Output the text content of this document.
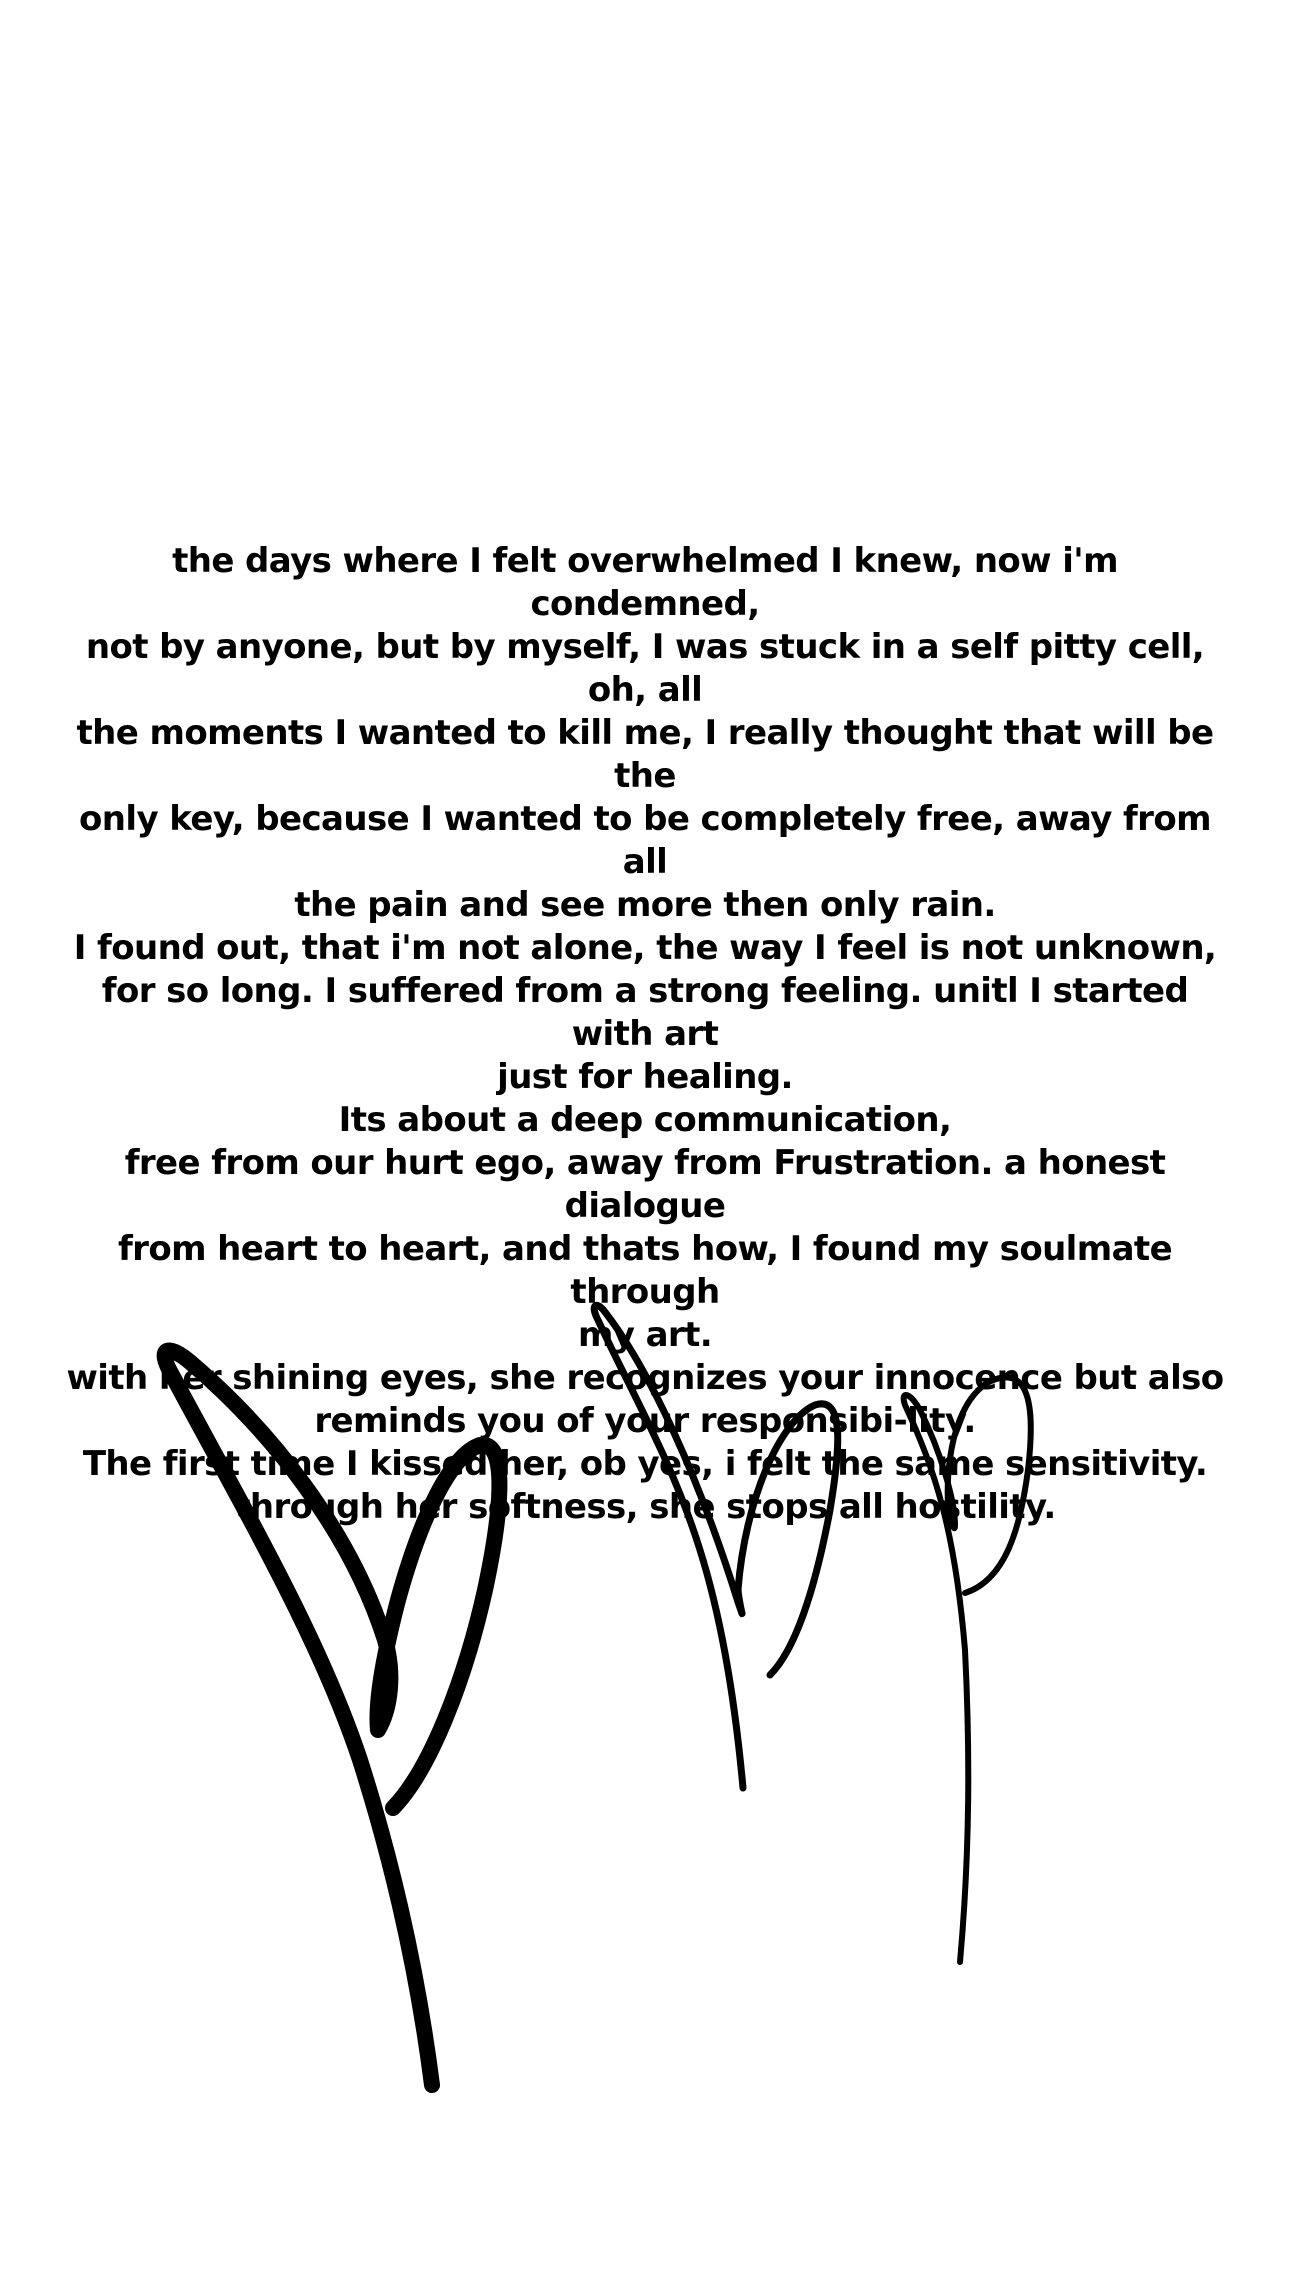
the days where I felt overwhelmed I knew, now i'm condemned,
not by anyone, but by myself, I was stuck in a self pitty cell, oh, all
the moments I wanted to kill me, I really thought that will be the
only key, because I wanted to be completely free, away from all
the pain and see more then only rain.
I found out, that i'm not alone, the way I feel is not unknown,
for so long. I suffered from a strong feeling. unitl I started with art
just for healing.
Its about a deep communication,
free from our hurt ego, away from Frustration. a honest dialogue
from heart to heart, and thats how, I found my soulmate through
my art.
with her shining eyes, she recognizes your innocence but also
reminds you of your responsibi-lity.
The first time I kissed her, ob yes, i felt the same sensitivity.
through her softness, she stops all hostility.
